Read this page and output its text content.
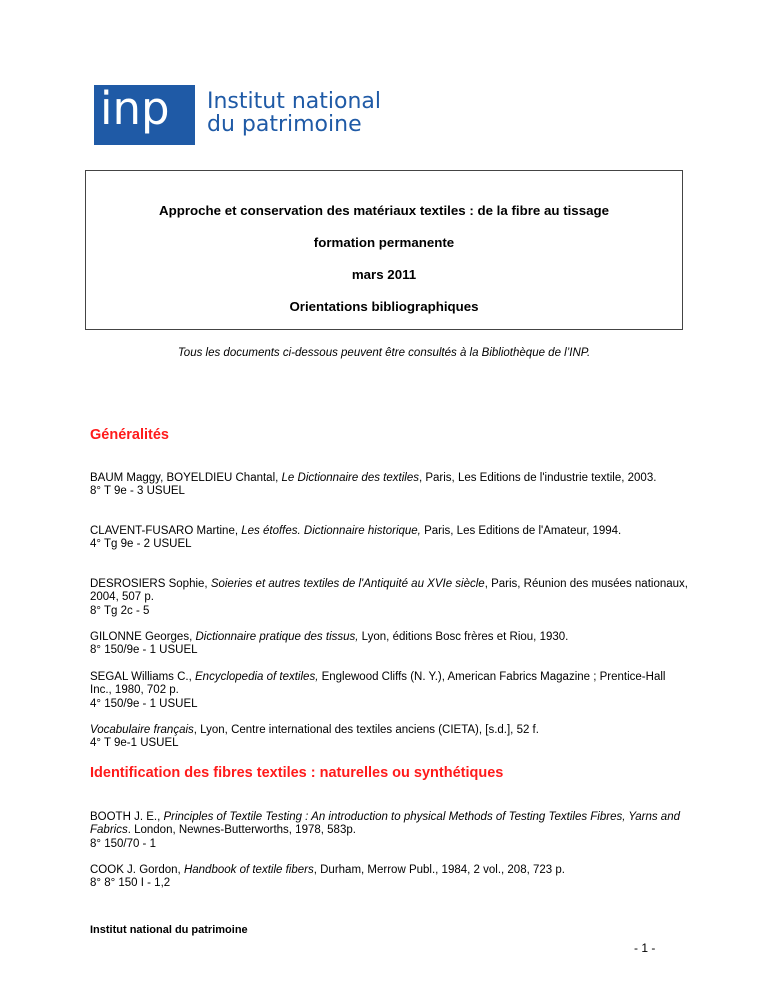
inp	Institut national
du patrimoine
Approche et conservation des matériaux textiles : de la fibre au tissage
formation permanente
mars 2011
Orientations bibliographiques
Tous les documents ci-dessous peuvent être consultés à la Bibliothèque de l’INP.
Généralités
BAUM Maggy, BOYELDIEU Chantal, Le Dictionnaire des textiles, Paris, Les Editions de l'industrie textile, 2003.
8° T 9e - 3 USUEL
CLAVENT-FUSARO Martine, Les étoffes. Dictionnaire historique, Paris, Les Editions de l'Amateur, 1994.
4° Tg 9e - 2 USUEL
DESROSIERS Sophie, Soieries et autres textiles de l'Antiquité au XVIe siècle, Paris, Réunion des musées nationaux, 2004, 507 p.
8° Tg 2c - 5
GILONNE Georges, Dictionnaire pratique des tissus, Lyon, éditions Bosc frères et Riou, 1930.
8° 150/9e - 1 USUEL
SEGAL Williams C., Encyclopedia of textiles, Englewood Cliffs (N. Y.), American Fabrics Magazine ; Prentice-Hall Inc., 1980, 702 p.
4° 150/9e - 1 USUEL
Vocabulaire français, Lyon, Centre international des textiles anciens (CIETA), [s.d.], 52 f.
4° T 9e-1 USUEL
Identification des fibres textiles : naturelles ou synthétiques
BOOTH J. E., Principles of Textile Testing : An introduction to physical Methods of Testing Textiles Fibres, Yarns and Fabrics. London, Newnes-Butterworths, 1978, 583p.
8° 150/70 - 1
COOK J. Gordon, Handbook of textile fibers, Durham, Merrow Publ., 1984, 2 vol., 208, 723 p.
8° 8° 150 I - 1,2
Institut national du patrimoine
- 1 -
